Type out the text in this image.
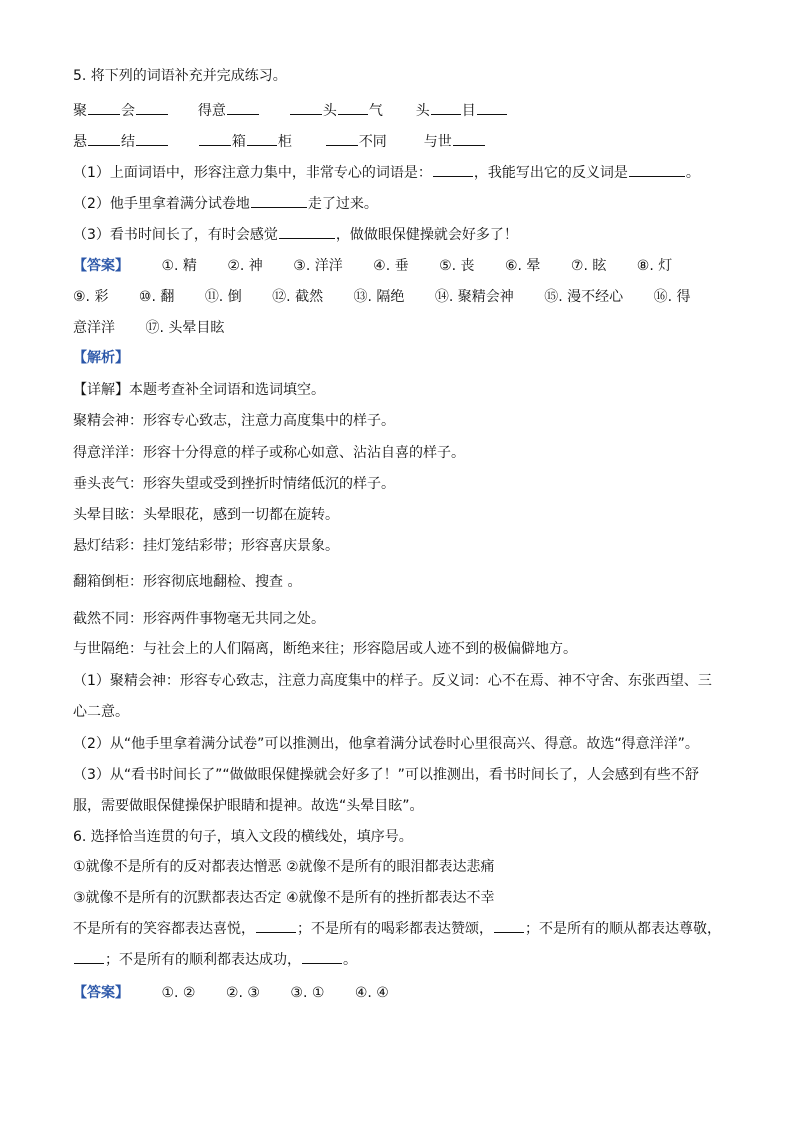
5. 将下列的词语补充并完成练习。
聚 会	得意	头 气 头 目
悬 结	箱 柜	不同	与世
（1）上面词语中，形容注意力集中，非常专心的词语是：	，我能写出它的反义词是	。
（2）他手里拿着满分试卷地	走了过来。
（3）看书时间长了，有时会感觉	，做做眼保健操就会好多了！
【答案】 ①. 精 ②. 神 ③. 洋洋 ④. 垂 ⑤. 丧 ⑥. 晕 ⑦. 眩 ⑧. 灯
⑨. 彩 ⑩. 翻 ⑪. 倒 ⑫. 截然 ⑬. 隔绝 ⑭. 聚精会神 ⑮. 漫不经心 ⑯. 得
意洋洋 ⑰. 头晕目眩
【解析】
【详解】本题考查补全词语和选词填空。
聚精会神：形容专心致志，注意力高度集中的样子。
得意洋洋：形容十分得意的样子或称心如意、沾沾自喜的样子。
垂头丧气：形容失望或受到挫折时情绪低沉的样子。
头晕目眩：头晕眼花，感到一切都在旋转。
悬灯结彩：挂灯笼结彩带；形容喜庆景象。
翻箱倒柜：形容彻底地翻检、搜查 。
截然不同：形容两件事物毫无共同之处。
与世隔绝：与社会上的人们隔离，断绝来往；形容隐居或人迹不到的极偏僻地方。
（1）聚精会神：形容专心致志，注意力高度集中的样子。反义词：心不在焉、神不守舍、东张西望、三心二意。
（2）从“他手里拿着满分试卷”可以推测出，他拿着满分试卷时心里很高兴、得意。故选“得意洋洋”。
（3）从“看书时间长了”“做做眼保健操就会好多了！”可以推测出，看书时间长了，人会感到有些不舒服，需要做眼保健操保护眼睛和提神。故选“头晕目眩”。
6. 选择恰当连贯的句子，填入文段的横线处，填序号。
①就像不是所有的反对都表达憎恶 ②就像不是所有的眼泪都表达悲痛
③就像不是所有的沉默都表达否定 ④就像不是所有的挫折都表达不幸
不是所有的笑容都表达喜悦，	；不是所有的喝彩都表达赞颂， ；不是所有的顺从都表达尊敬，；不是所有的顺利都表达成功，	。
【答案】 ①. ② ②. ③ ③. ① ④. ④
